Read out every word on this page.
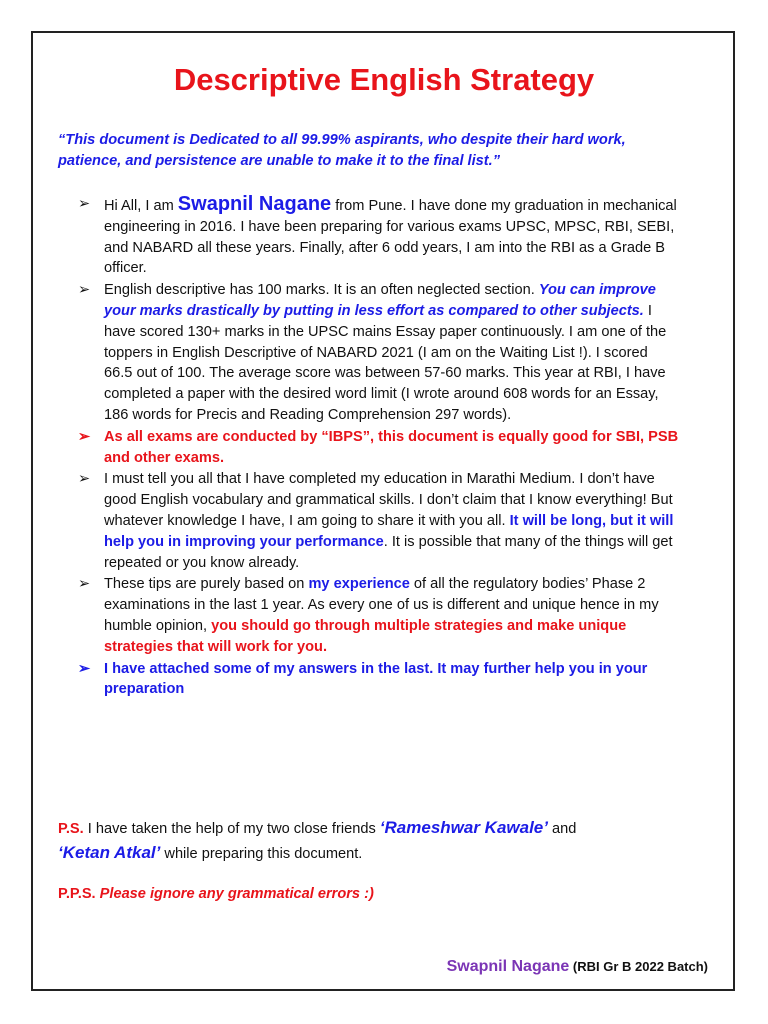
Descriptive English Strategy
“This document is Dedicated to all 99.99% aspirants, who despite their hard work, patience, and persistence are unable to make it to the final list.”
➢ Hi All, I am Swapnil Nagane from Pune. I have done my graduation in mechanical engineering in 2016. I have been preparing for various exams UPSC, MPSC, RBI, SEBI, and NABARD all these years. Finally, after 6 odd years, I am into the RBI as a Grade B officer.
➢ English descriptive has 100 marks. It is an often neglected section. You can improve your marks drastically by putting in less effort as compared to other subjects. I have scored 130+ marks in the UPSC mains Essay paper continuously. I am one of the toppers in English Descriptive of NABARD 2021 (I am on the Waiting List !). I scored 66.5 out of 100. The average score was between 57-60 marks. This year at RBI, I have completed a paper with the desired word limit (I wrote around 608 words for an Essay, 186 words for Precis and Reading Comprehension 297 words).
➢ As all exams are conducted by “IBPS”, this document is equally good for SBI, PSB and other exams.
➢ I must tell you all that I have completed my education in Marathi Medium. I don’t have good English vocabulary and grammatical skills. I don’t claim that I know everything! But whatever knowledge I have, I am going to share it with you all. It will be long, but it will help you in improving your performance. It is possible that many of the things will get repeated or you know already.
➢ These tips are purely based on my experience of all the regulatory bodies’ Phase 2 examinations in the last 1 year. As every one of us is different and unique hence in my humble opinion, you should go through multiple strategies and make unique strategies that will work for you.
➢ I have attached some of my answers in the last. It may further help you in your preparation
P.S. I have taken the help of my two close friends ‘Rameshwar Kawale’ and
‘Ketan Atkal’ while preparing this document.
P.P.S. Please ignore any grammatical errors :)
Swapnil Nagane (RBI Gr B 2022 Batch)
